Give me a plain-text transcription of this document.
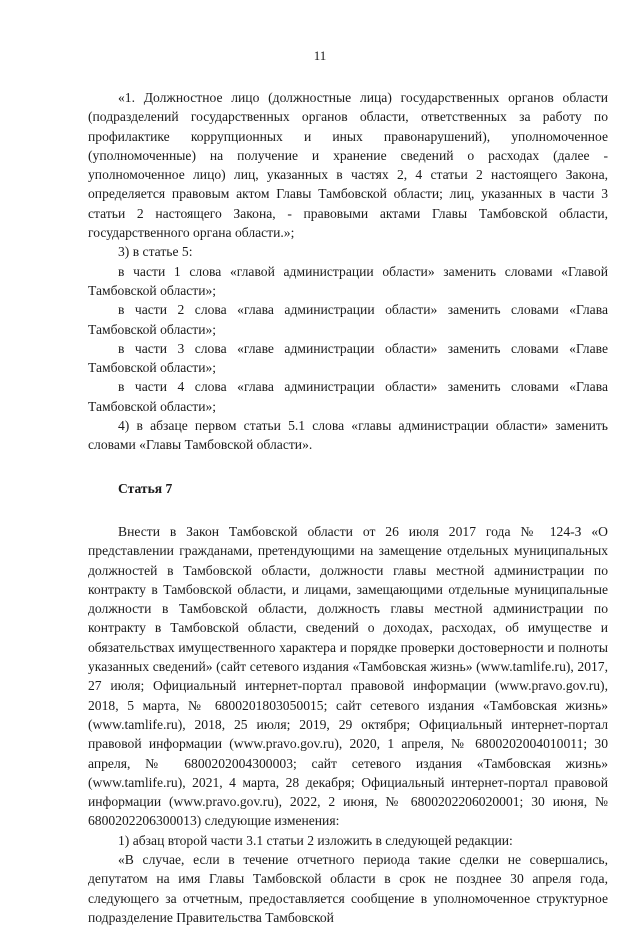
11

«1. Должностное лицо (должностные лица) государственных органов области (подразделений государственных органов области, ответственных за работу по профилактике коррупционных и иных правонарушений), уполномоченное (уполномоченные) на получение и хранение сведений о расходах (далее - уполномоченное лицо) лиц, указанных в частях 2, 4 статьи 2 настоящего Закона, определяется правовым актом Главы Тамбовской области; лиц, указанных в части 3 статьи 2 настоящего Закона, - правовыми актами Главы Тамбовской области, государственного органа области.»;

3) в статье 5:

в части 1 слова «главой администрации области» заменить словами «Главой Тамбовской области»;

в части 2 слова «глава администрации области» заменить словами «Глава Тамбовской области»;

в части 3 слова «главе администрации области» заменить словами «Главе Тамбовской области»;

в части 4 слова «глава администрации области» заменить словами «Глава Тамбовской области»;

4) в абзаце первом статьи 5.1 слова «главы администрации области» заменить словами «Главы Тамбовской области».

Статья 7

Внести в Закон Тамбовской области от 26 июля 2017 года № 124-З «О представлении гражданами, претендующими на замещение отдельных муниципальных должностей в Тамбовской области, должности главы местной администрации по контракту в Тамбовской области, и лицами, замещающими отдельные муниципальные должности в Тамбовской области, должность главы местной администрации по контракту в Тамбовской области, сведений о доходах, расходах, об имуществе и обязательствах имущественного характера и порядке проверки достоверности и полноты указанных сведений» (сайт сетевого издания «Тамбовская жизнь» (www.tamlife.ru), 2017, 27 июля; Официальный интернет-портал правовой информации (www.pravo.gov.ru), 2018, 5 марта, № 6800201803050015; сайт сетевого издания «Тамбовская жизнь» (www.tamlife.ru), 2018, 25 июля; 2019, 29 октября; Официальный интернет-портал правовой информации (www.pravo.gov.ru), 2020, 1 апреля, № 6800202004010011; 30 апреля, № 6800202004300003; сайт сетевого издания «Тамбовская жизнь» (www.tamlife.ru), 2021, 4 марта, 28 декабря; Официальный интернет-портал правовой информации (www.pravo.gov.ru), 2022, 2 июня, № 6800202206020001; 30 июня, № 6800202206300013) следующие изменения:

1) абзац второй части 3.1 статьи 2 изложить в следующей редакции:

«В случае, если в течение отчетного периода такие сделки не совершались, депутатом на имя Главы Тамбовской области в срок не позднее 30 апреля года, следующего за отчетным, предоставляется сообщение в уполномоченное структурное подразделение Правительства Тамбовской
